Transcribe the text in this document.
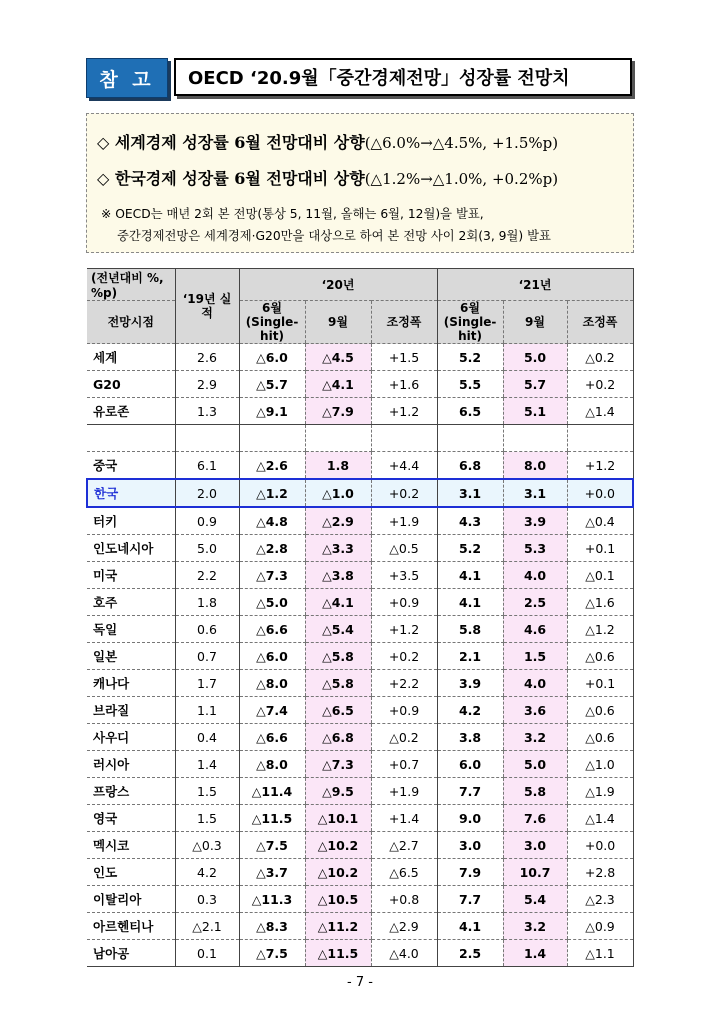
참 고	OECD ‘20.9월「중간경제전망」성장률 전망치
◇ 세계경제 성장률 6월 전망대비 상향(△6.0%→△4.5%, +1.5%p)
◇ 한국경제 성장률 6월 전망대비 상향(△1.2%→△1.0%, +0.2%p)
※ OECD는 매년 2회 본 전망(통상 5, 11월, 올해는 6월, 12월)을 발표,
중간경제전망은 세계경제·G20만을 대상으로 하여 본 전망 사이 2회(3, 9월) 발표
(전년대비 %, %p)	‘19년 실적	‘20년			‘21년		
전망시점		6월 (Single-hit)	9월	조정폭	6월 (Single-hit)	9월	조정폭
세계	2.6	△6.0	△4.5	+1.5	5.2	5.0	△0.2
G20	2.9	△5.7	△4.1	+1.6	5.5	5.7	+0.2
유로존	1.3	△9.1	△7.9	+1.2	6.5	5.1	△1.4

중국	6.1	△2.6	1.8	+4.4	6.8	8.0	+1.2
한국	2.0	△1.2	△1.0	+0.2	3.1	3.1	+0.0
터키	0.9	△4.8	△2.9	+1.9	4.3	3.9	△0.4
인도네시아	5.0	△2.8	△3.3	△0.5	5.2	5.3	+0.1
미국	2.2	△7.3	△3.8	+3.5	4.1	4.0	△0.1
호주	1.8	△5.0	△4.1	+0.9	4.1	2.5	△1.6
독일	0.6	△6.6	△5.4	+1.2	5.8	4.6	△1.2
일본	0.7	△6.0	△5.8	+0.2	2.1	1.5	△0.6
캐나다	1.7	△8.0	△5.8	+2.2	3.9	4.0	+0.1
브라질	1.1	△7.4	△6.5	+0.9	4.2	3.6	△0.6
사우디	0.4	△6.6	△6.8	△0.2	3.8	3.2	△0.6
러시아	1.4	△8.0	△7.3	+0.7	6.0	5.0	△1.0
프랑스	1.5	△11.4	△9.5	+1.9	7.7	5.8	△1.9
영국	1.5	△11.5	△10.1	+1.4	9.0	7.6	△1.4
멕시코	△0.3	△7.5	△10.2	△2.7	3.0	3.0	+0.0
인도	4.2	△3.7	△10.2	△6.5	7.9	10.7	+2.8
이탈리아	0.3	△11.3	△10.5	+0.8	7.7	5.4	△2.3
아르헨티나	△2.1	△8.3	△11.2	△2.9	4.1	3.2	△0.9
남아공	0.1	△7.5	△11.5	△4.0	2.5	1.4	△1.1
- 7 -
